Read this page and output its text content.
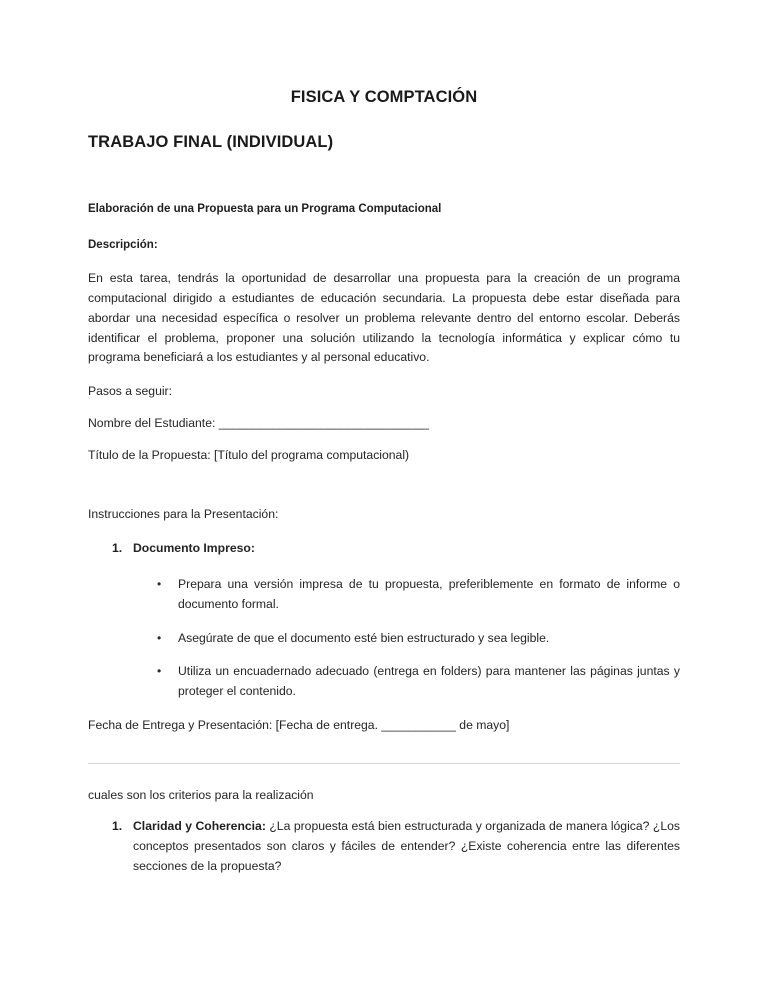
FISICA Y COMPTACIÓN
TRABAJO FINAL (INDIVIDUAL)

Elaboración de una Propuesta para un Programa Computacional

Descripción:

En esta tarea, tendrás la oportunidad de desarrollar una propuesta para la creación de un programa computacional dirigido a estudiantes de educación secundaria. La propuesta debe estar diseñada para abordar una necesidad específica o resolver un problema relevante dentro del entorno escolar. Deberás identificar el problema, proponer una solución utilizando la tecnología informática y explicar cómo tu programa beneficiará a los estudiantes y al personal educativo.

Pasos a seguir:

Nombre del Estudiante: _______________________________

Título de la Propuesta: [Título del programa computacional)

Instrucciones para la Presentación:

1. Documento Impreso:
• Prepara una versión impresa de tu propuesta, preferiblemente en formato de informe o documento formal.
• Asegúrate de que el documento esté bien estructurado y sea legible.
• Utiliza un encuadernado adecuado (entrega en folders) para mantener las páginas juntas y proteger el contenido.

Fecha de Entrega y Presentación: [Fecha de entrega. ___________ de mayo]

cuales son los criterios para la realización

1. Claridad y Coherencia: ¿La propuesta está bien estructurada y organizada de manera lógica? ¿Los conceptos presentados son claros y fáciles de entender? ¿Existe coherencia entre las diferentes secciones de la propuesta?
